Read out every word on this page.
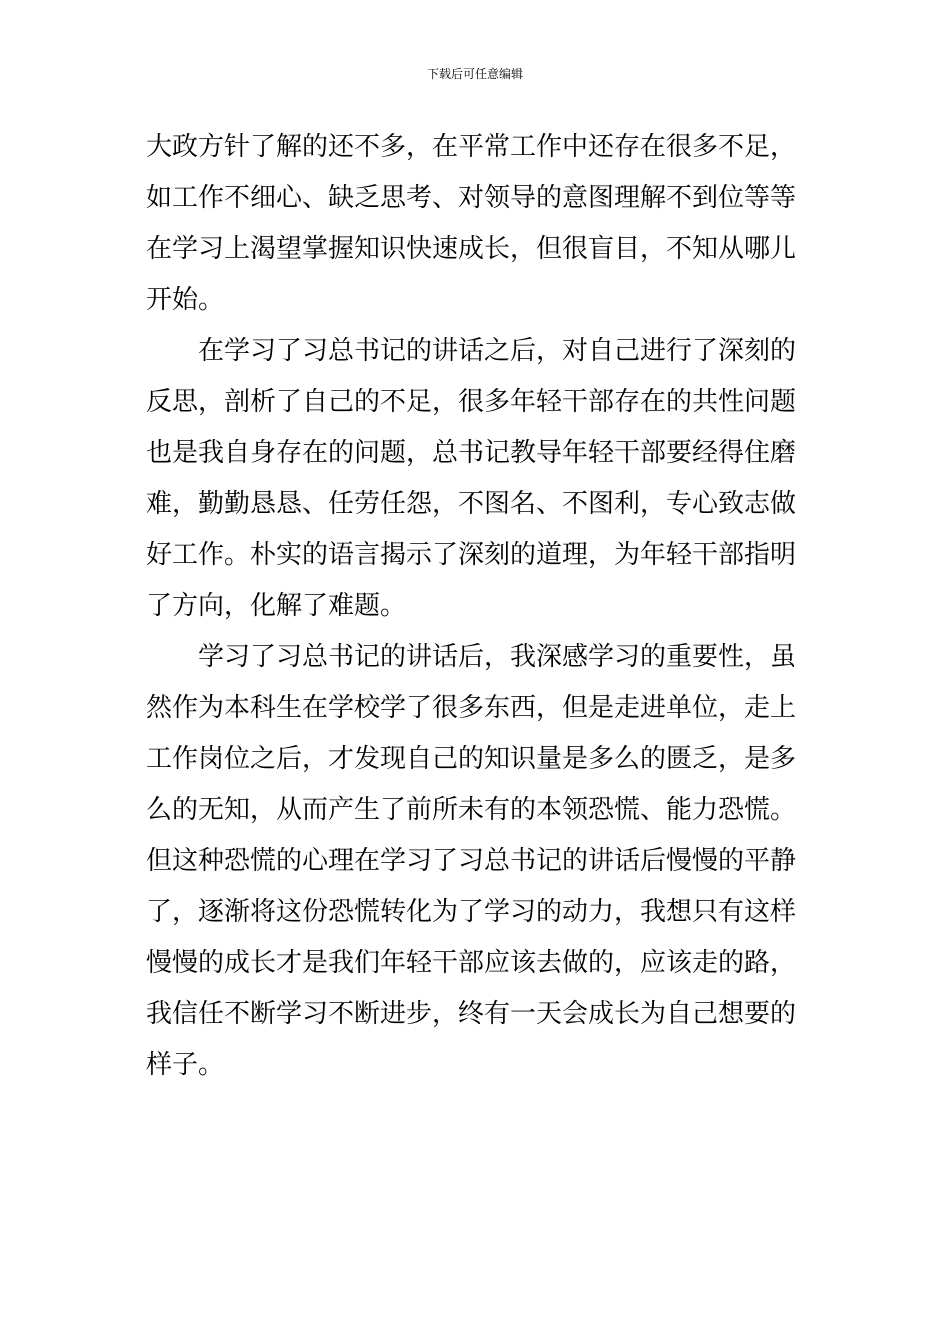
下载后可任意编辑
大政方针了解的还不多，在平常工作中还存在很多不足，
如工作不细心、缺乏思考、对领导的意图理解不到位等等
在学习上渴望掌握知识快速成长，但很盲目，不知从哪儿
开始。
在学习了习总书记的讲话之后，对自己进行了深刻的
反思，剖析了自己的不足，很多年轻干部存在的共性问题
也是我自身存在的问题，总书记教导年轻干部要经得住磨
难，勤勤恳恳、任劳任怨，不图名、不图利，专心致志做
好工作。朴实的语言揭示了深刻的道理，为年轻干部指明
了方向，化解了难题。
学习了习总书记的讲话后，我深感学习的重要性，虽
然作为本科生在学校学了很多东西，但是走进单位，走上
工作岗位之后，才发现自己的知识量是多么的匮乏，是多
么的无知，从而产生了前所未有的本领恐慌、能力恐慌。
但这种恐慌的心理在学习了习总书记的讲话后慢慢的平静
了，逐渐将这份恐慌转化为了学习的动力，我想只有这样
慢慢的成长才是我们年轻干部应该去做的，应该走的路，
我信任不断学习不断进步，终有一天会成长为自己想要的
样子。
